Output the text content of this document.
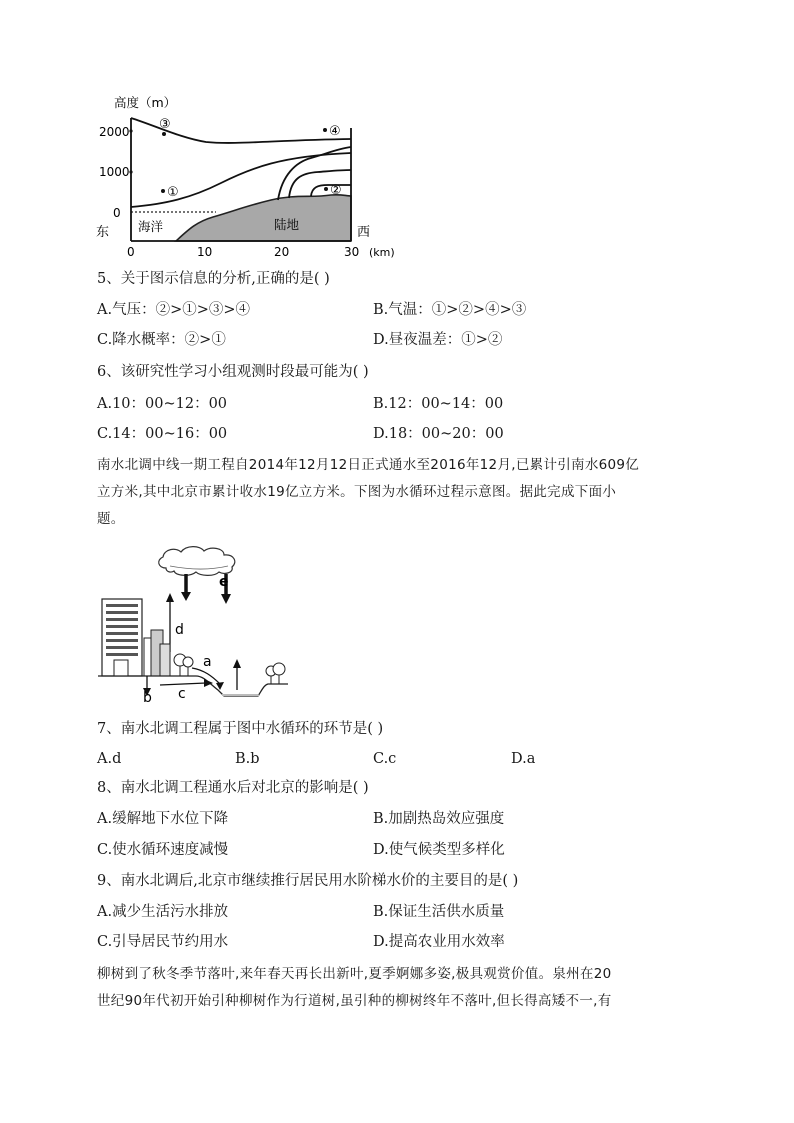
高度（m）
2000
1000
0
③	④
①	②
海洋	陆地
东	西
0	10	20	30 (km)
5、关于图示信息的分析,正确的是( )
A.气压：②>①>③>④	B.气温：①>②>④>③
C.降水概率：②>①	D.昼夜温差：①>②
6、该研究性学习小组观测时段最可能为( )
A.10：00~12：00	B.12：00~14：00
C.14：00~16：00	D.18：00~20：00

南水北调中线一期工程自2014年12月12日正式通水至2016年12月,已累计引南水609亿

立方米,其中北京市累计收水19亿立方米。下图为水循环过程示意图。据此完成下面小

题。

e
d
a
b c
7、南水北调工程属于图中水循环的环节是( )
A.d	B.b	C.c	D.a
8、南水北调工程通水后对北京的影响是( )
A.缓解地下水位下降	B.加剧热岛效应强度
C.使水循环速度减慢	D.使气候类型多样化
9、南水北调后,北京市继续推行居民用水阶梯水价的主要目的是( )
A.减少生活污水排放	B.保证生活供水质量
C.引导居民节约用水	D.提高农业用水效率

柳树到了秋冬季节落叶,来年春天再长出新叶,夏季婀娜多姿,极具观赏价值。泉州在20

世纪90年代初开始引种柳树作为行道树,虽引种的柳树终年不落叶,但长得高矮不一,有
